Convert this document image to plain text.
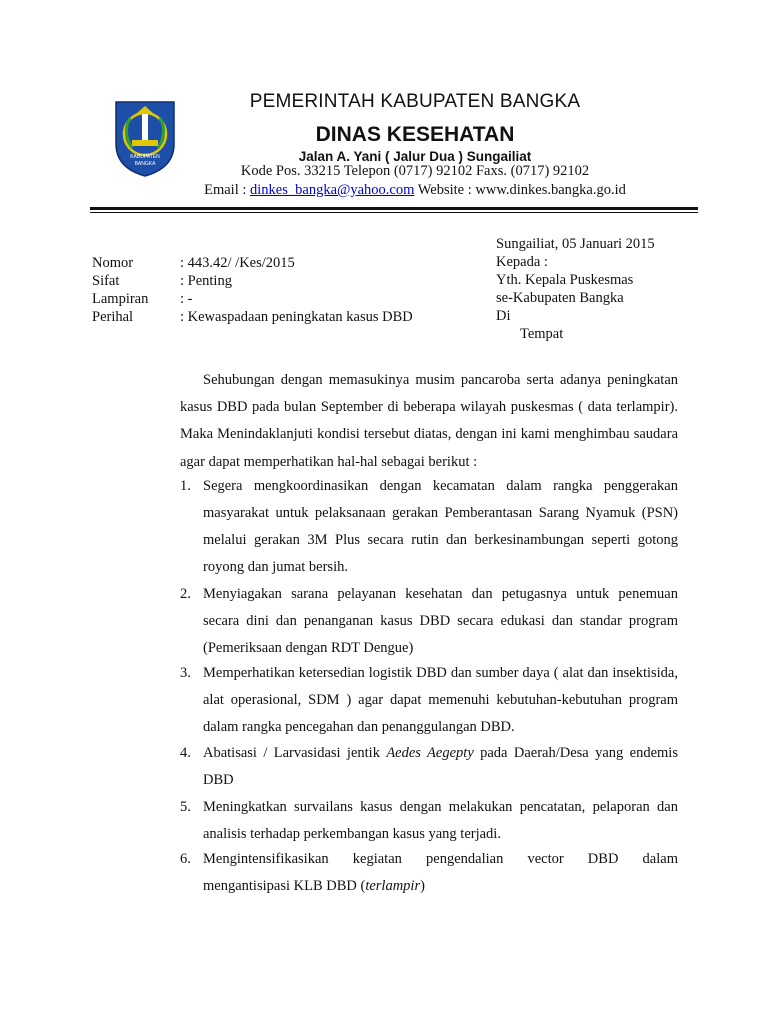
KABUPATEN
BANGKA
PEMERINTAH KABUPATEN BANGKA
DINAS KESEHATAN
Jalan A. Yani ( Jalur Dua ) Sungailiat
Kode Pos. 33215 Telepon (0717) 92102 Faxs. (0717) 92102
Email : dinkes_bangka@yahoo.com Website : www.dinkes.bangka.go.id
Sungailiat, 05 Januari 2015
Kepada :
Yth. Kepala Puskesmas
se-Kabupaten Bangka
Di
Tempat
Nomor	: 443.42/ /Kes/2015
Sifat	: Penting
Lampiran : -
Perihal	: Kewaspadaan peningkatan kasus DBD
Sehubungan dengan memasukinya musim pancaroba serta adanya peningkatan kasus DBD pada bulan September di beberapa wilayah puskesmas ( data terlampir). Maka Menindaklanjuti kondisi tersebut diatas, dengan ini kami menghimbau saudara agar dapat memperhatikan hal-hal sebagai berikut :
1. Segera mengkoordinasikan dengan kecamatan dalam rangka penggerakan masyarakat untuk pelaksanaan gerakan Pemberantasan Sarang Nyamuk (PSN) melalui gerakan 3M Plus secara rutin dan berkesinambungan seperti gotong royong dan jumat bersih.
2. Menyiagakan sarana pelayanan kesehatan dan petugasnya untuk penemuan secara dini dan penanganan kasus DBD secara edukasi dan standar program (Pemeriksaan dengan RDT Dengue)
3. Memperhatikan ketersedian logistik DBD dan sumber daya ( alat dan insektisida, alat operasional, SDM ) agar dapat memenuhi kebutuhan-kebutuhan program dalam rangka pencegahan dan penanggulangan DBD.
4. Abatisasi / Larvasidasi jentik Aedes Aegepty pada Daerah/Desa yang endemis DBD
5. Meningkatkan survailans kasus dengan melakukan pencatatan, pelaporan dan analisis terhadap perkembangan kasus yang terjadi.
6. Mengintensifikasikan kegiatan pengendalian vector DBD dalam
mengantisipasi KLB DBD (terlampir)
